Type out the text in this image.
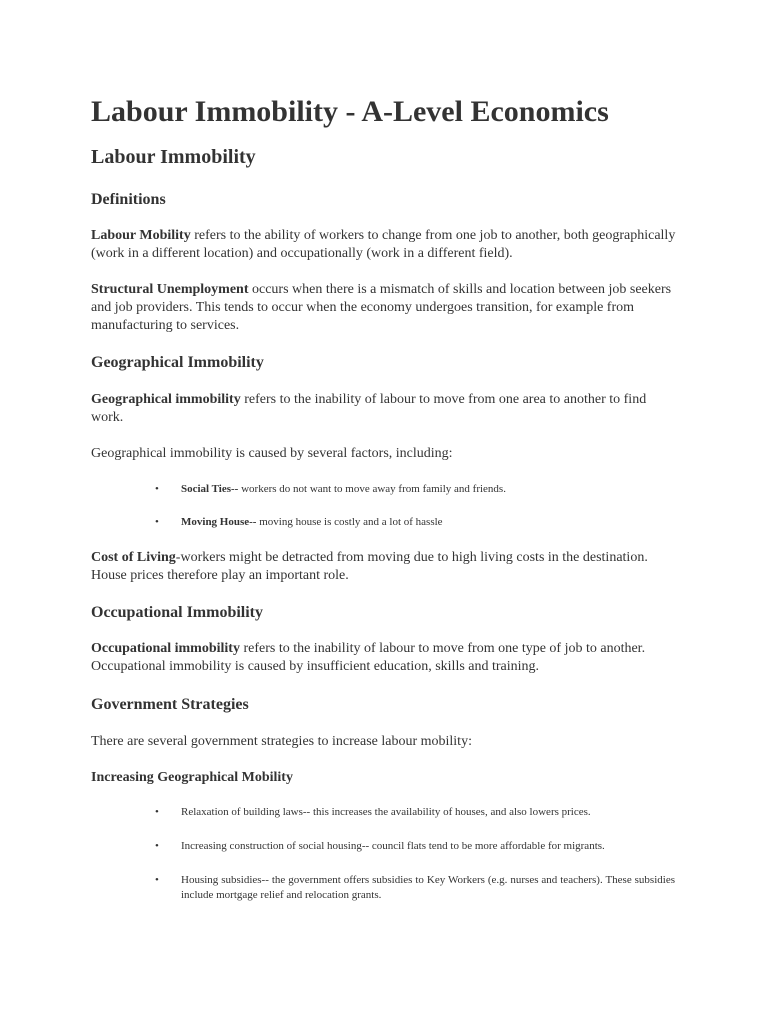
Labour Immobility - A-Level Economics
Labour Immobility
Definitions

Labour Mobility refers to the ability of workers to change from one job to another, both geographically (work in a different location) and occupationally (work in a different field).

Structural Unemployment occurs when there is a mismatch of skills and location between job seekers and job providers. This tends to occur when the economy undergoes transition, for example from manufacturing to services.

Geographical Immobility

Geographical immobility refers to the inability of labour to move from one area to another to find work.

Geographical immobility is caused by several factors, including:

•	Social Ties-- workers do not want to move away from family and friends.
•	Moving House-- moving house is costly and a lot of hassle

Cost of Living-workers might be detracted from moving due to high living costs in the destination. House prices therefore play an important role.

Occupational Immobility

Occupational immobility refers to the inability of labour to move from one type of job to another. Occupational immobility is caused by insufficient education, skills and training.

Government Strategies

There are several government strategies to increase labour mobility:

Increasing Geographical Mobility
•	Relaxation of building laws-- this increases the availability of houses, and also lowers prices.
•	Increasing construction of social housing-- council flats tend to be more affordable for migrants.
•	Housing subsidies-- the government offers subsidies to Key Workers (e.g. nurses and teachers). These subsidies include mortgage relief and relocation grants.
